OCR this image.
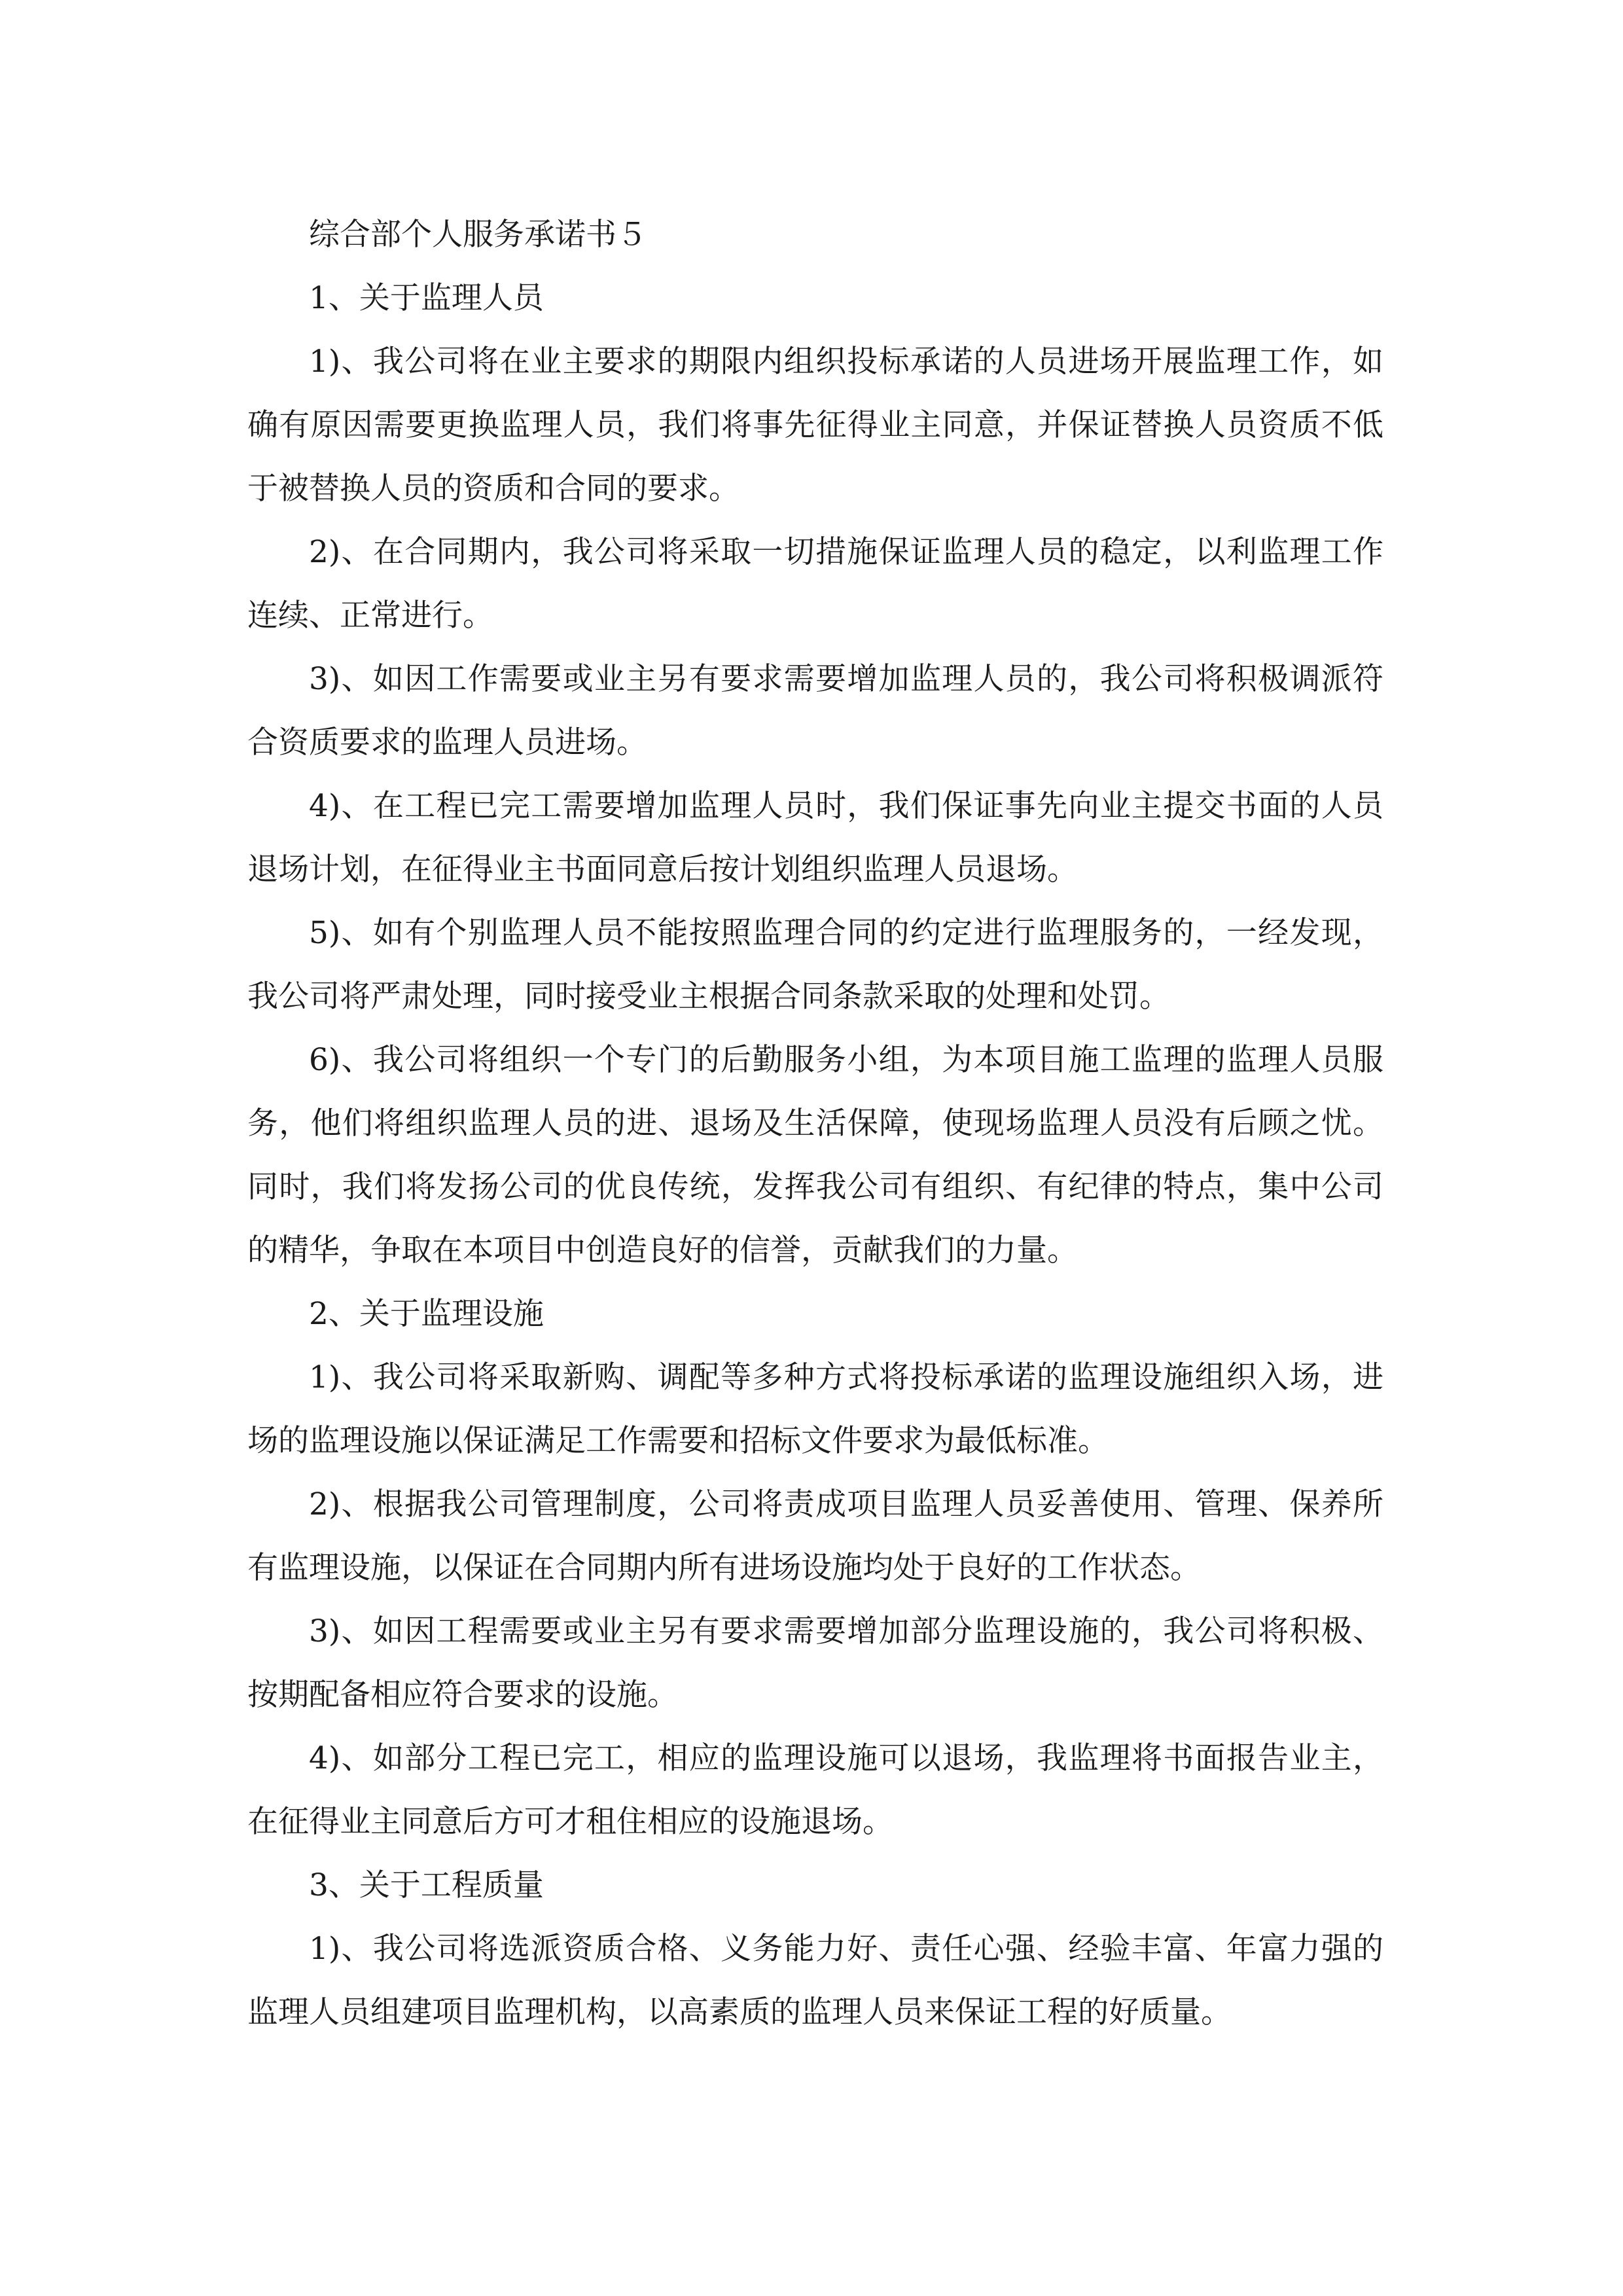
综合部个人服务承诺书５

1、关于监理人员

1)、我公司将在业主要求的期限内组织投标承诺的人员进场开展监理工作，如确有原因需要更换监理人员，我们将事先征得业主同意，并保证替换人员资质不低于被替换人员的资质和合同的要求。

2)、在合同期内，我公司将采取一切措施保证监理人员的稳定，以利监理工作连续、正常进行。

3)、如因工作需要或业主另有要求需要增加监理人员的，我公司将积极调派符合资质要求的监理人员进场。

4)、在工程已完工需要增加监理人员时，我们保证事先向业主提交书面的人员退场计划，在征得业主书面同意后按计划组织监理人员退场。

5)、如有个别监理人员不能按照监理合同的约定进行监理服务的，一经发现，我公司将严肃处理，同时接受业主根据合同条款采取的处理和处罚。

6)、我公司将组织一个专门的后勤服务小组，为本项目施工监理的监理人员服务，他们将组织监理人员的进、退场及生活保障，使现场监理人员没有后顾之忧。同时，我们将发扬公司的优良传统，发挥我公司有组织、有纪律的特点，集中公司的精华，争取在本项目中创造良好的信誉，贡献我们的力量。

2、关于监理设施

1)、我公司将采取新购、调配等多种方式将投标承诺的监理设施组织入场，进场的监理设施以保证满足工作需要和招标文件要求为最低标准。

2)、根据我公司管理制度，公司将责成项目监理人员妥善使用、管理、保养所有监理设施，以保证在合同期内所有进场设施均处于良好的工作状态。

3)、如因工程需要或业主另有要求需要增加部分监理设施的，我公司将积极、按期配备相应符合要求的设施。

4)、如部分工程已完工，相应的监理设施可以退场，我监理将书面报告业主，在征得业主同意后方可才租住相应的设施退场。

3、关于工程质量

1)、我公司将选派资质合格、义务能力好、责任心强、经验丰富、年富力强的监理人员组建项目监理机构，以高素质的监理人员来保证工程的好质量。
